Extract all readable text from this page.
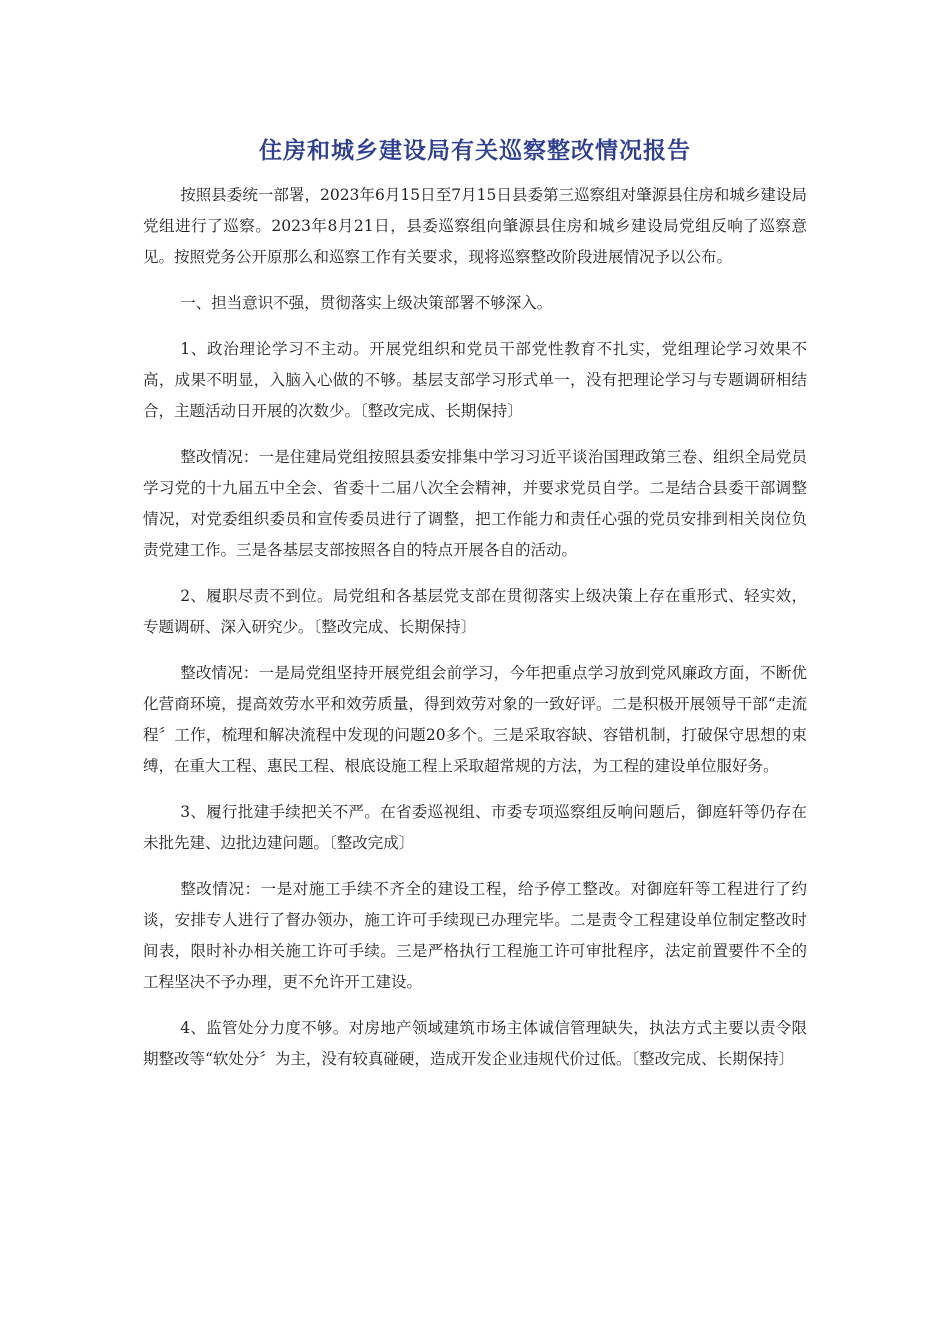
住房和城乡建设局有关巡察整改情况报告

按照县委统一部署，2023年6月15日至7月15日县委第三巡察组对肇源县住房和城乡建设局党组进行了巡察。2023年8月21日，县委巡察组向肇源县住房和城乡建设局党组反响了巡察意见。按照党务公开原那么和巡察工作有关要求，现将巡察整改阶段进展情况予以公布。

一、担当意识不强，贯彻落实上级决策部署不够深入。

1、政治理论学习不主动。开展党组织和党员干部党性教育不扎实，党组理论学习效果不高，成果不明显，入脑入心做的不够。基层支部学习形式单一，没有把理论学习与专题调研相结合，主题活动日开展的次数少。〔整改完成、长期保持〕

整改情况：一是住建局党组按照县委安排集中学习习近平谈治国理政第三卷、组织全局党员学习党的十九届五中全会、省委十二届八次全会精神，并要求党员自学。二是结合县委干部调整情况，对党委组织委员和宣传委员进行了调整，把工作能力和责任心强的党员安排到相关岗位负责党建工作。三是各基层支部按照各自的特点开展各自的活动。

2、履职尽责不到位。局党组和各基层党支部在贯彻落实上级决策上存在重形式、轻实效，专题调研、深入研究少。〔整改完成、长期保持〕

整改情况：一是局党组坚持开展党组会前学习，今年把重点学习放到党风廉政方面，不断优化营商环境，提高效劳水平和效劳质量，得到效劳对象的一致好评。二是积极开展领导干部“走流程〞工作，梳理和解决流程中发现的问题20多个。三是采取容缺、容错机制，打破保守思想的束缚，在重大工程、惠民工程、根底设施工程上采取超常规的方法，为工程的建设单位服好务。

3、履行批建手续把关不严。在省委巡视组、市委专项巡察组反响问题后，御庭轩等仍存在未批先建、边批边建问题。〔整改完成〕

整改情况：一是对施工手续不齐全的建设工程，给予停工整改。对御庭轩等工程进行了约谈，安排专人进行了督办领办，施工许可手续现已办理完毕。二是责令工程建设单位制定整改时间表，限时补办相关施工许可手续。三是严格执行工程施工许可审批程序，法定前置要件不全的工程坚决不予办理，更不允许开工建设。

4、监管处分力度不够。对房地产领域建筑市场主体诚信管理缺失，执法方式主要以责令限期整改等“软处分〞为主，没有较真碰硬，造成开发企业违规代价过低。〔整改完成、长期保持〕
